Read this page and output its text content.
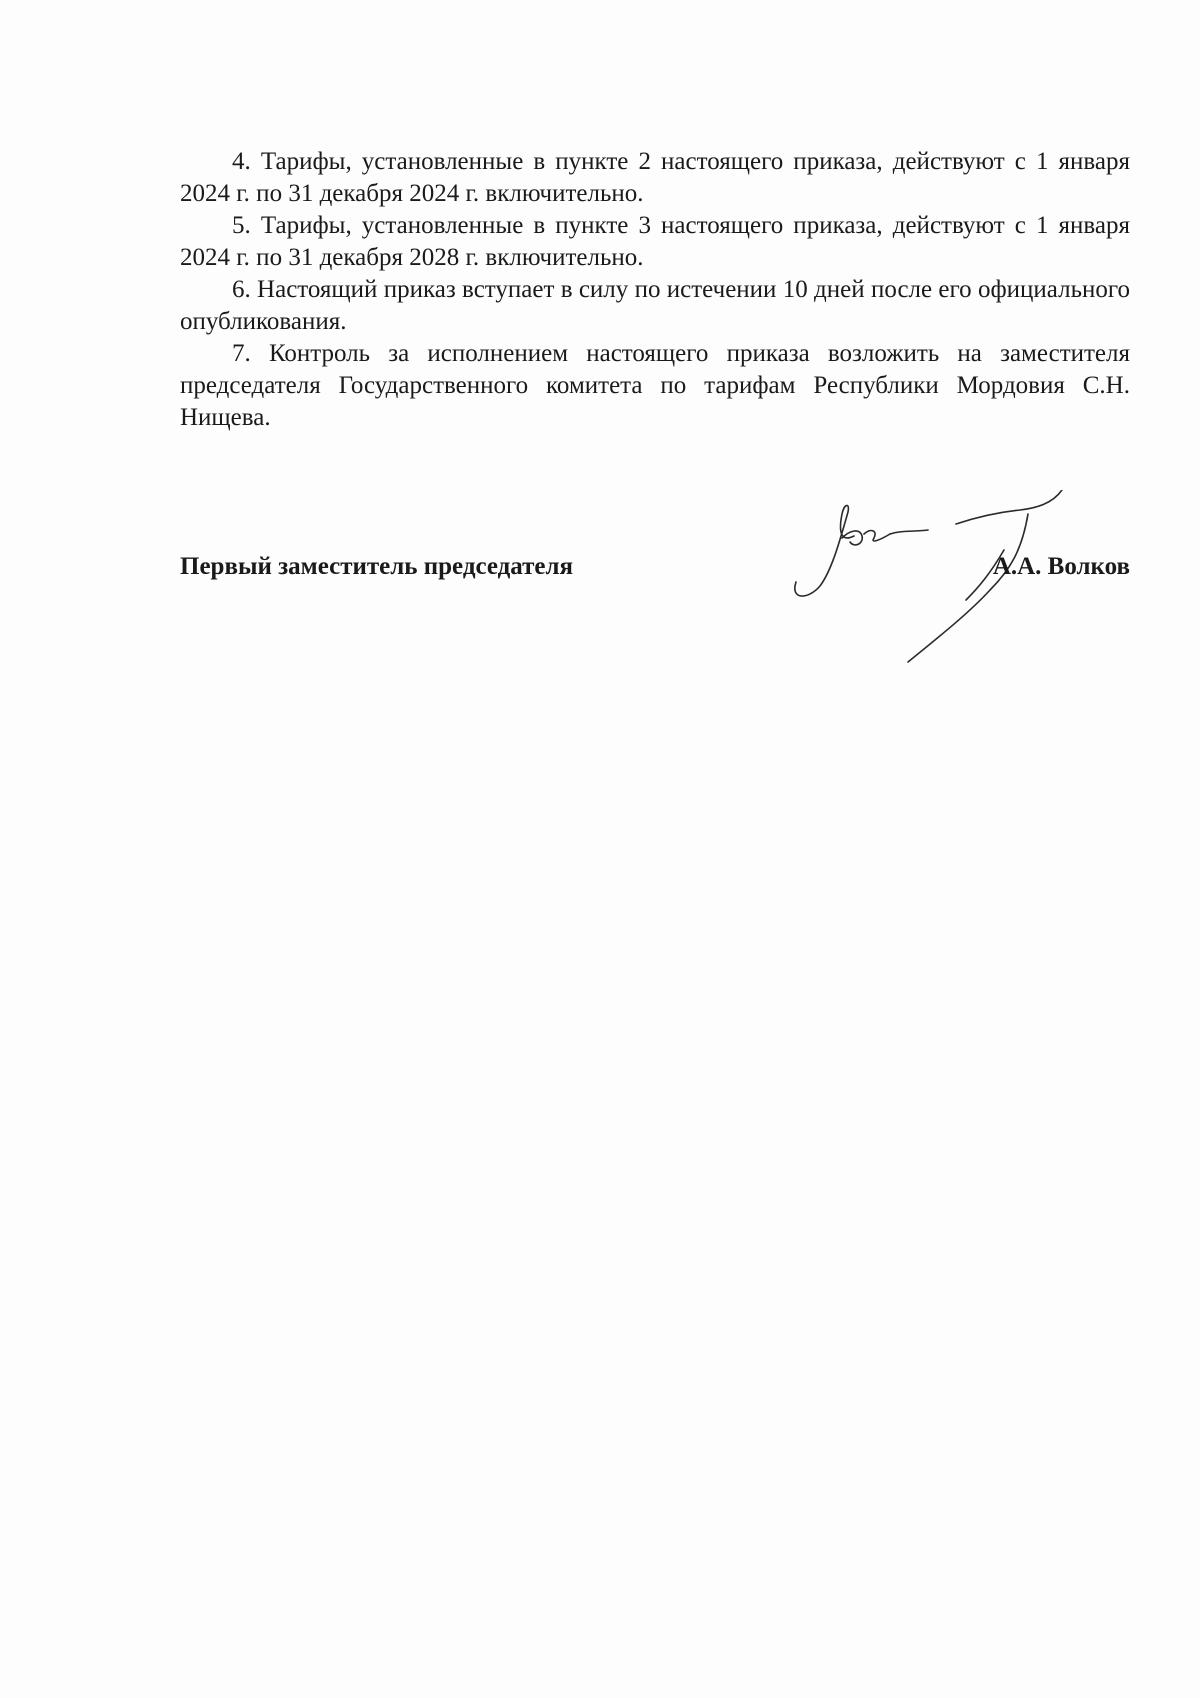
4. Тарифы, установленные в пункте 2 настоящего приказа, действуют с 1 января 2024 г. по 31 декабря 2024 г. включительно.

5. Тарифы, установленные в пункте 3 настоящего приказа, действуют с 1 января 2024 г. по 31 декабря 2028 г. включительно.

6. Настоящий приказ вступает в силу по истечении 10 дней после его официального опубликования.

7. Контроль за исполнением настоящего приказа возложить на заместителя председателя Государственного комитета по тарифам Республики Мордовия С.Н. Нищева.

Первый заместитель председателя	А.А. Волков
